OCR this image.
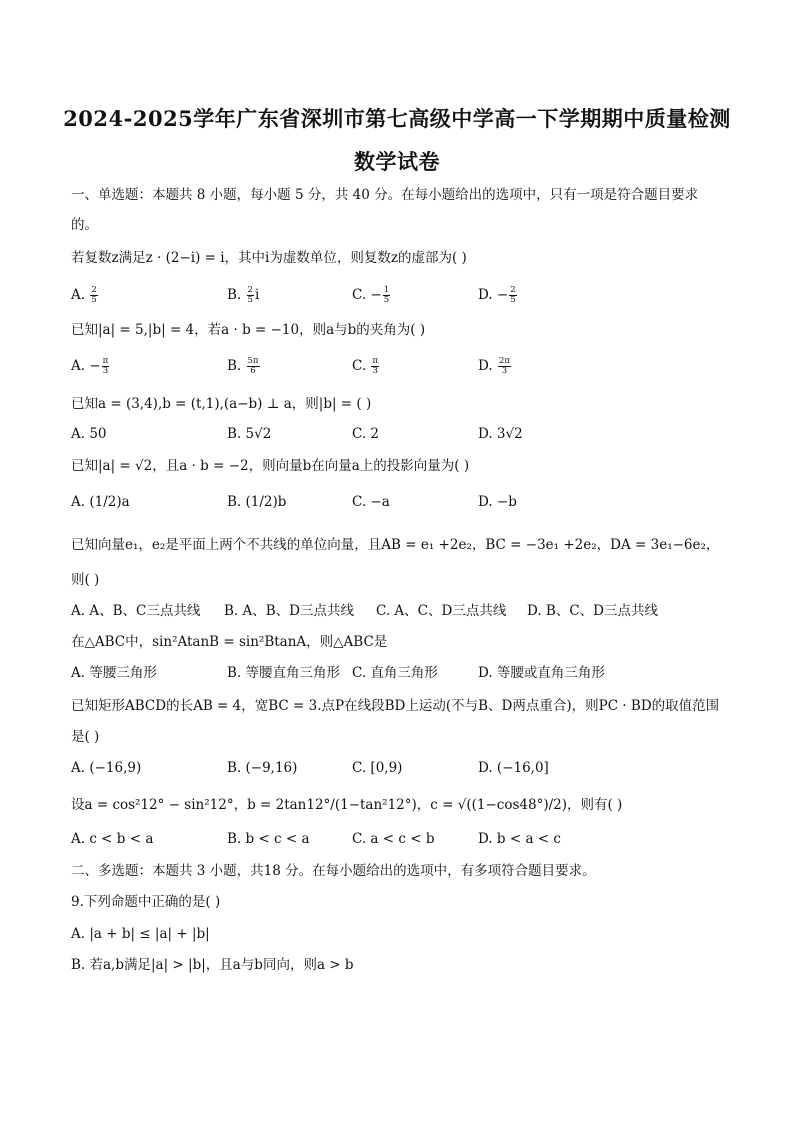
2024-2025学年广东省深圳市第七高级中学高一下学期期中质量检测
数学试卷
一、单选题：本题共 8 小题，每小题 5 分，共 40 分。在每小题给出的选项中，只有一项是符合题目要求
的。
若复数z满足z · (2−i) = i，其中i为虚数单位，则复数z的虚部为( )
A. $\frac{2}{5}$	B. $\frac{2}{5}$ i	C. − $\frac{1}{5}$	D. − $\frac{2}{5}$
已知|a| = 5,|b| = 4，若a · b = −10，则a与b的夹角为( )
A. − $\frac{\pi}{3}$	B. $\frac{5\pi}{6}$	C. $\frac{\pi}{3}$	D. $\frac{2\pi}{3}$
已知a = (3,4),b = (t,1),(a−b) ⊥ a，则|b| = ( )
A. 50	B. 5√2	C. 2	D. 3√2
已知|a| = √2，且a · b = −2，则向量b在向量a上的投影向量为( )
A. (1/2)a	B. (1/2)b	C. −a	D. −b
已知向量e₁，e₂是平面上两个不共线的单位向量，且AB = e₁ +2e₂，BC = −3e₁ +2e₂，DA = 3e₁−6e₂，
则( )
A. A、B、C三点共线 B. A、B、D三点共线 C. A、C、D三点共线 D. B、C、D三点共线
在△ABC中，sin²AtanB = sin²BtanA，则△ABC是
A. 等腰三角形	B. 等腰直角三角形 C. 直角三角形	D. 等腰或直角三角形
已知矩形ABCD的长AB = 4，宽BC = 3.点P在线段BD上运动(不与B、D两点重合)，则PC · BD的取值范围
是( )
A. (−16,9)	B. (−9,16)	C. [0,9)	D. (−16,0]
设a = cos²12° − sin²12°，b = 2tan12°/(1−tan²12°)，c = √((1−cos48°)/2)，则有( )
A. c < b < a	B. b < c < a	C. a < c < b	D. b < a < c
二、多选题：本题共 3 小题，共18 分。在每小题给出的选项中，有多项符合题目要求。
9.下列命题中正确的是( )
A. |a + b| ≤ |a| + |b|
B. 若a,b满足|a| > |b|，且a与b同向，则a > b
